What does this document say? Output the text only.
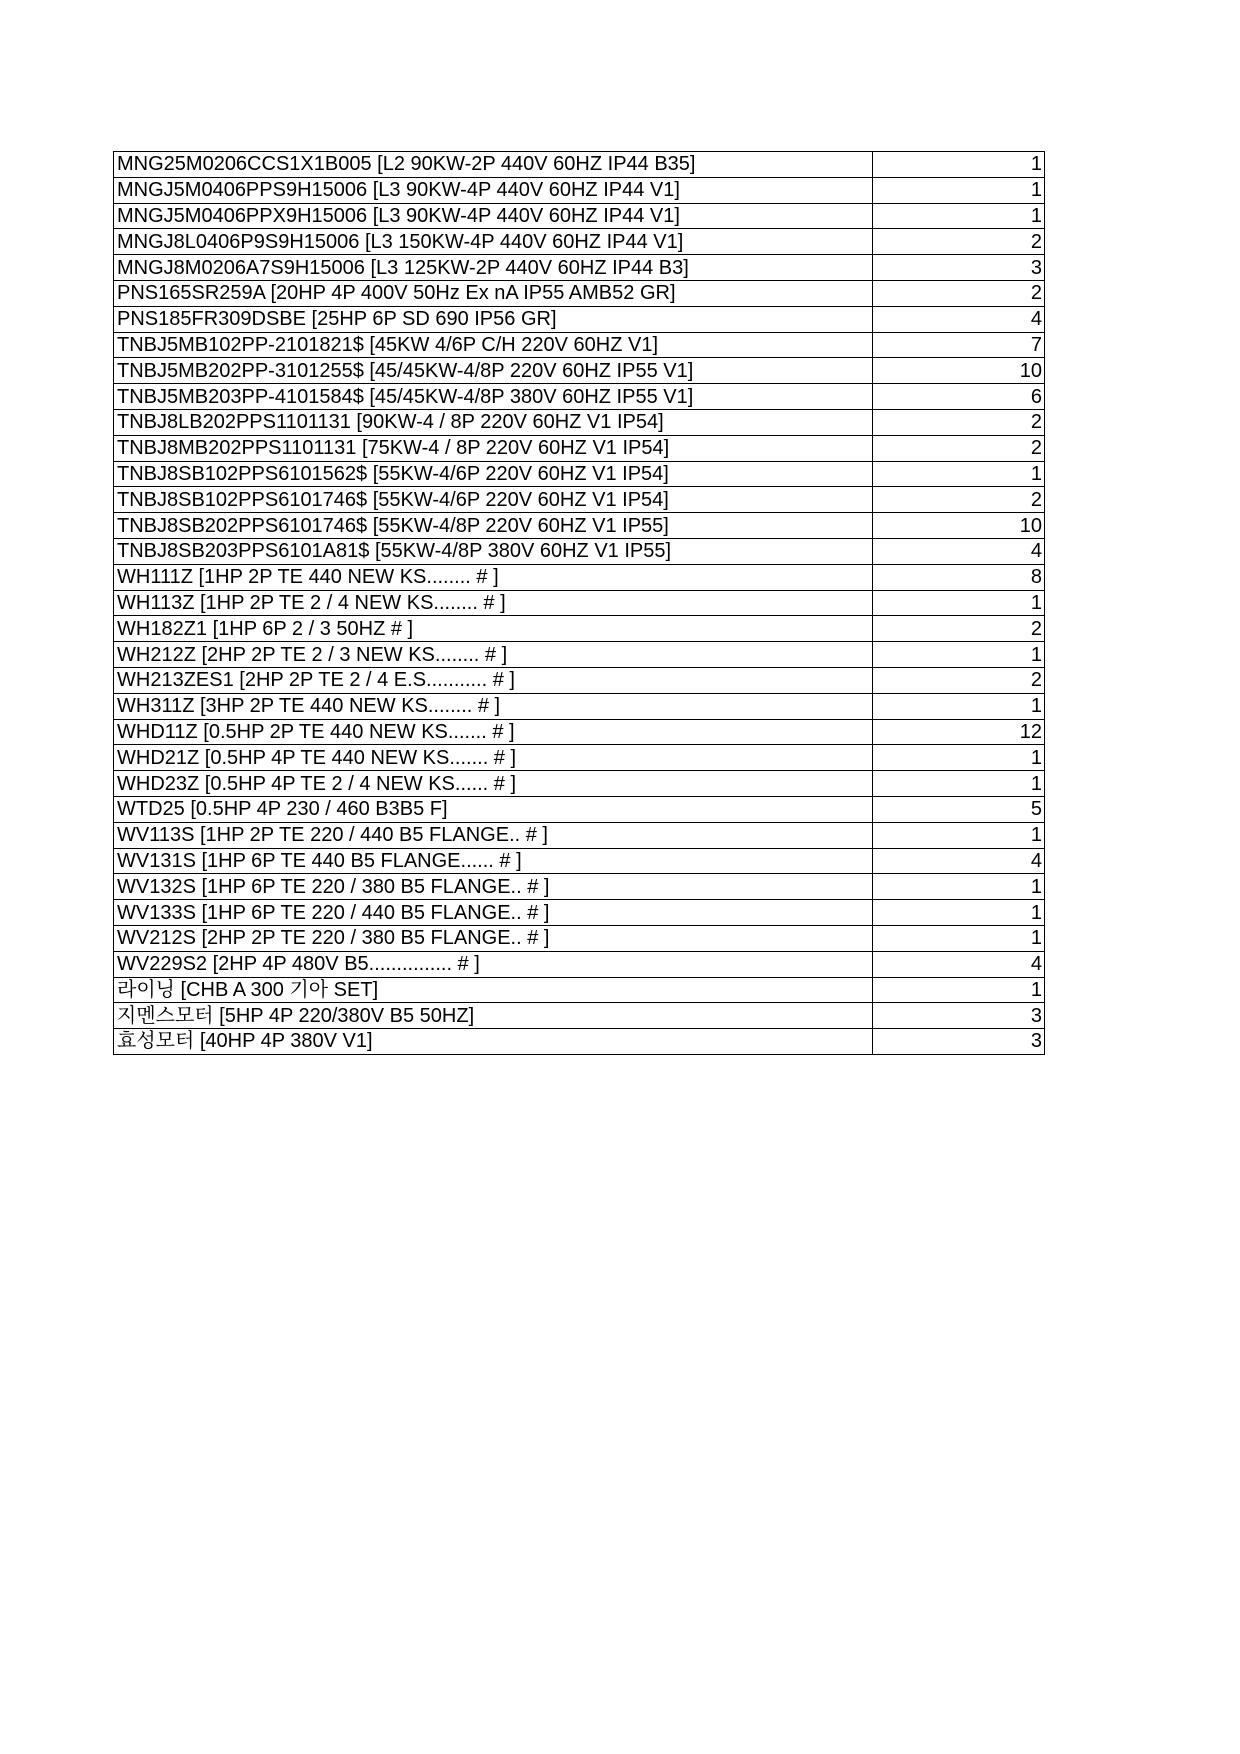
MNG25M0206CCS1X1B005 [L2 90KW-2P 440V 60HZ IP44 B35]	1
MNGJ5M0406PPS9H15006 [L3 90KW-4P 440V 60HZ IP44 V1]	1
MNGJ5M0406PPX9H15006 [L3 90KW-4P 440V 60HZ IP44 V1]	1
MNGJ8L0406P9S9H15006 [L3 150KW-4P 440V 60HZ IP44 V1]	2
MNGJ8M0206A7S9H15006 [L3 125KW-2P 440V 60HZ IP44 B3]	3
PNS165SR259A [20HP 4P 400V 50Hz Ex nA IP55 AMB52 GR]	2
PNS185FR309DSBE [25HP 6P SD 690 IP56 GR]	4
TNBJ5MB102PP-2101821$ [45KW 4/6P C/H 220V 60HZ V1]	7
TNBJ5MB202PP-3101255$ [45/45KW-4/8P 220V 60HZ IP55 V1]	10
TNBJ5MB203PP-4101584$ [45/45KW-4/8P 380V 60HZ IP55 V1]	6
TNBJ8LB202PPS1101131 [90KW-4 / 8P 220V 60HZ V1 IP54]	2
TNBJ8MB202PPS1101131 [75KW-4 / 8P 220V 60HZ V1 IP54]	2
TNBJ8SB102PPS6101562$ [55KW-4/6P 220V 60HZ V1 IP54]	1
TNBJ8SB102PPS6101746$ [55KW-4/6P 220V 60HZ V1 IP54]	2
TNBJ8SB202PPS6101746$ [55KW-4/8P 220V 60HZ V1 IP55]	10
TNBJ8SB203PPS6101A81$ [55KW-4/8P 380V 60HZ V1 IP55]	4
WH111Z [1HP 2P TE 440 NEW KS........ # ]	8
WH113Z [1HP 2P TE 2 / 4 NEW KS........ # ]	1
WH182Z1 [1HP 6P 2 / 3 50HZ # ]	2
WH212Z [2HP 2P TE 2 / 3 NEW KS........ # ]	1
WH213ZES1 [2HP 2P TE 2 / 4 E.S........... # ]	2
WH311Z [3HP 2P TE 440 NEW KS........ # ]	1
WHD11Z [0.5HP 2P TE 440 NEW KS....... # ]	12
WHD21Z [0.5HP 4P TE 440 NEW KS....... # ]	1
WHD23Z [0.5HP 4P TE 2 / 4 NEW KS...... # ]	1
WTD25 [0.5HP 4P 230 / 460 B3B5 F]	5
WV113S [1HP 2P TE 220 / 440 B5 FLANGE.. # ]	1
WV131S [1HP 6P TE 440 B5 FLANGE...... # ]	4
WV132S [1HP 6P TE 220 / 380 B5 FLANGE.. # ]	1
WV133S [1HP 6P TE 220 / 440 B5 FLANGE.. # ]	1
WV212S [2HP 2P TE 220 / 380 B5 FLANGE.. # ]	1
WV229S2 [2HP 4P 480V B5............... # ]	4
라이닝 [CHB A 300 기아 SET]	1
지멘스모터 [5HP 4P 220/380V B5 50HZ]	3
효성모터 [40HP 4P 380V V1]	3
